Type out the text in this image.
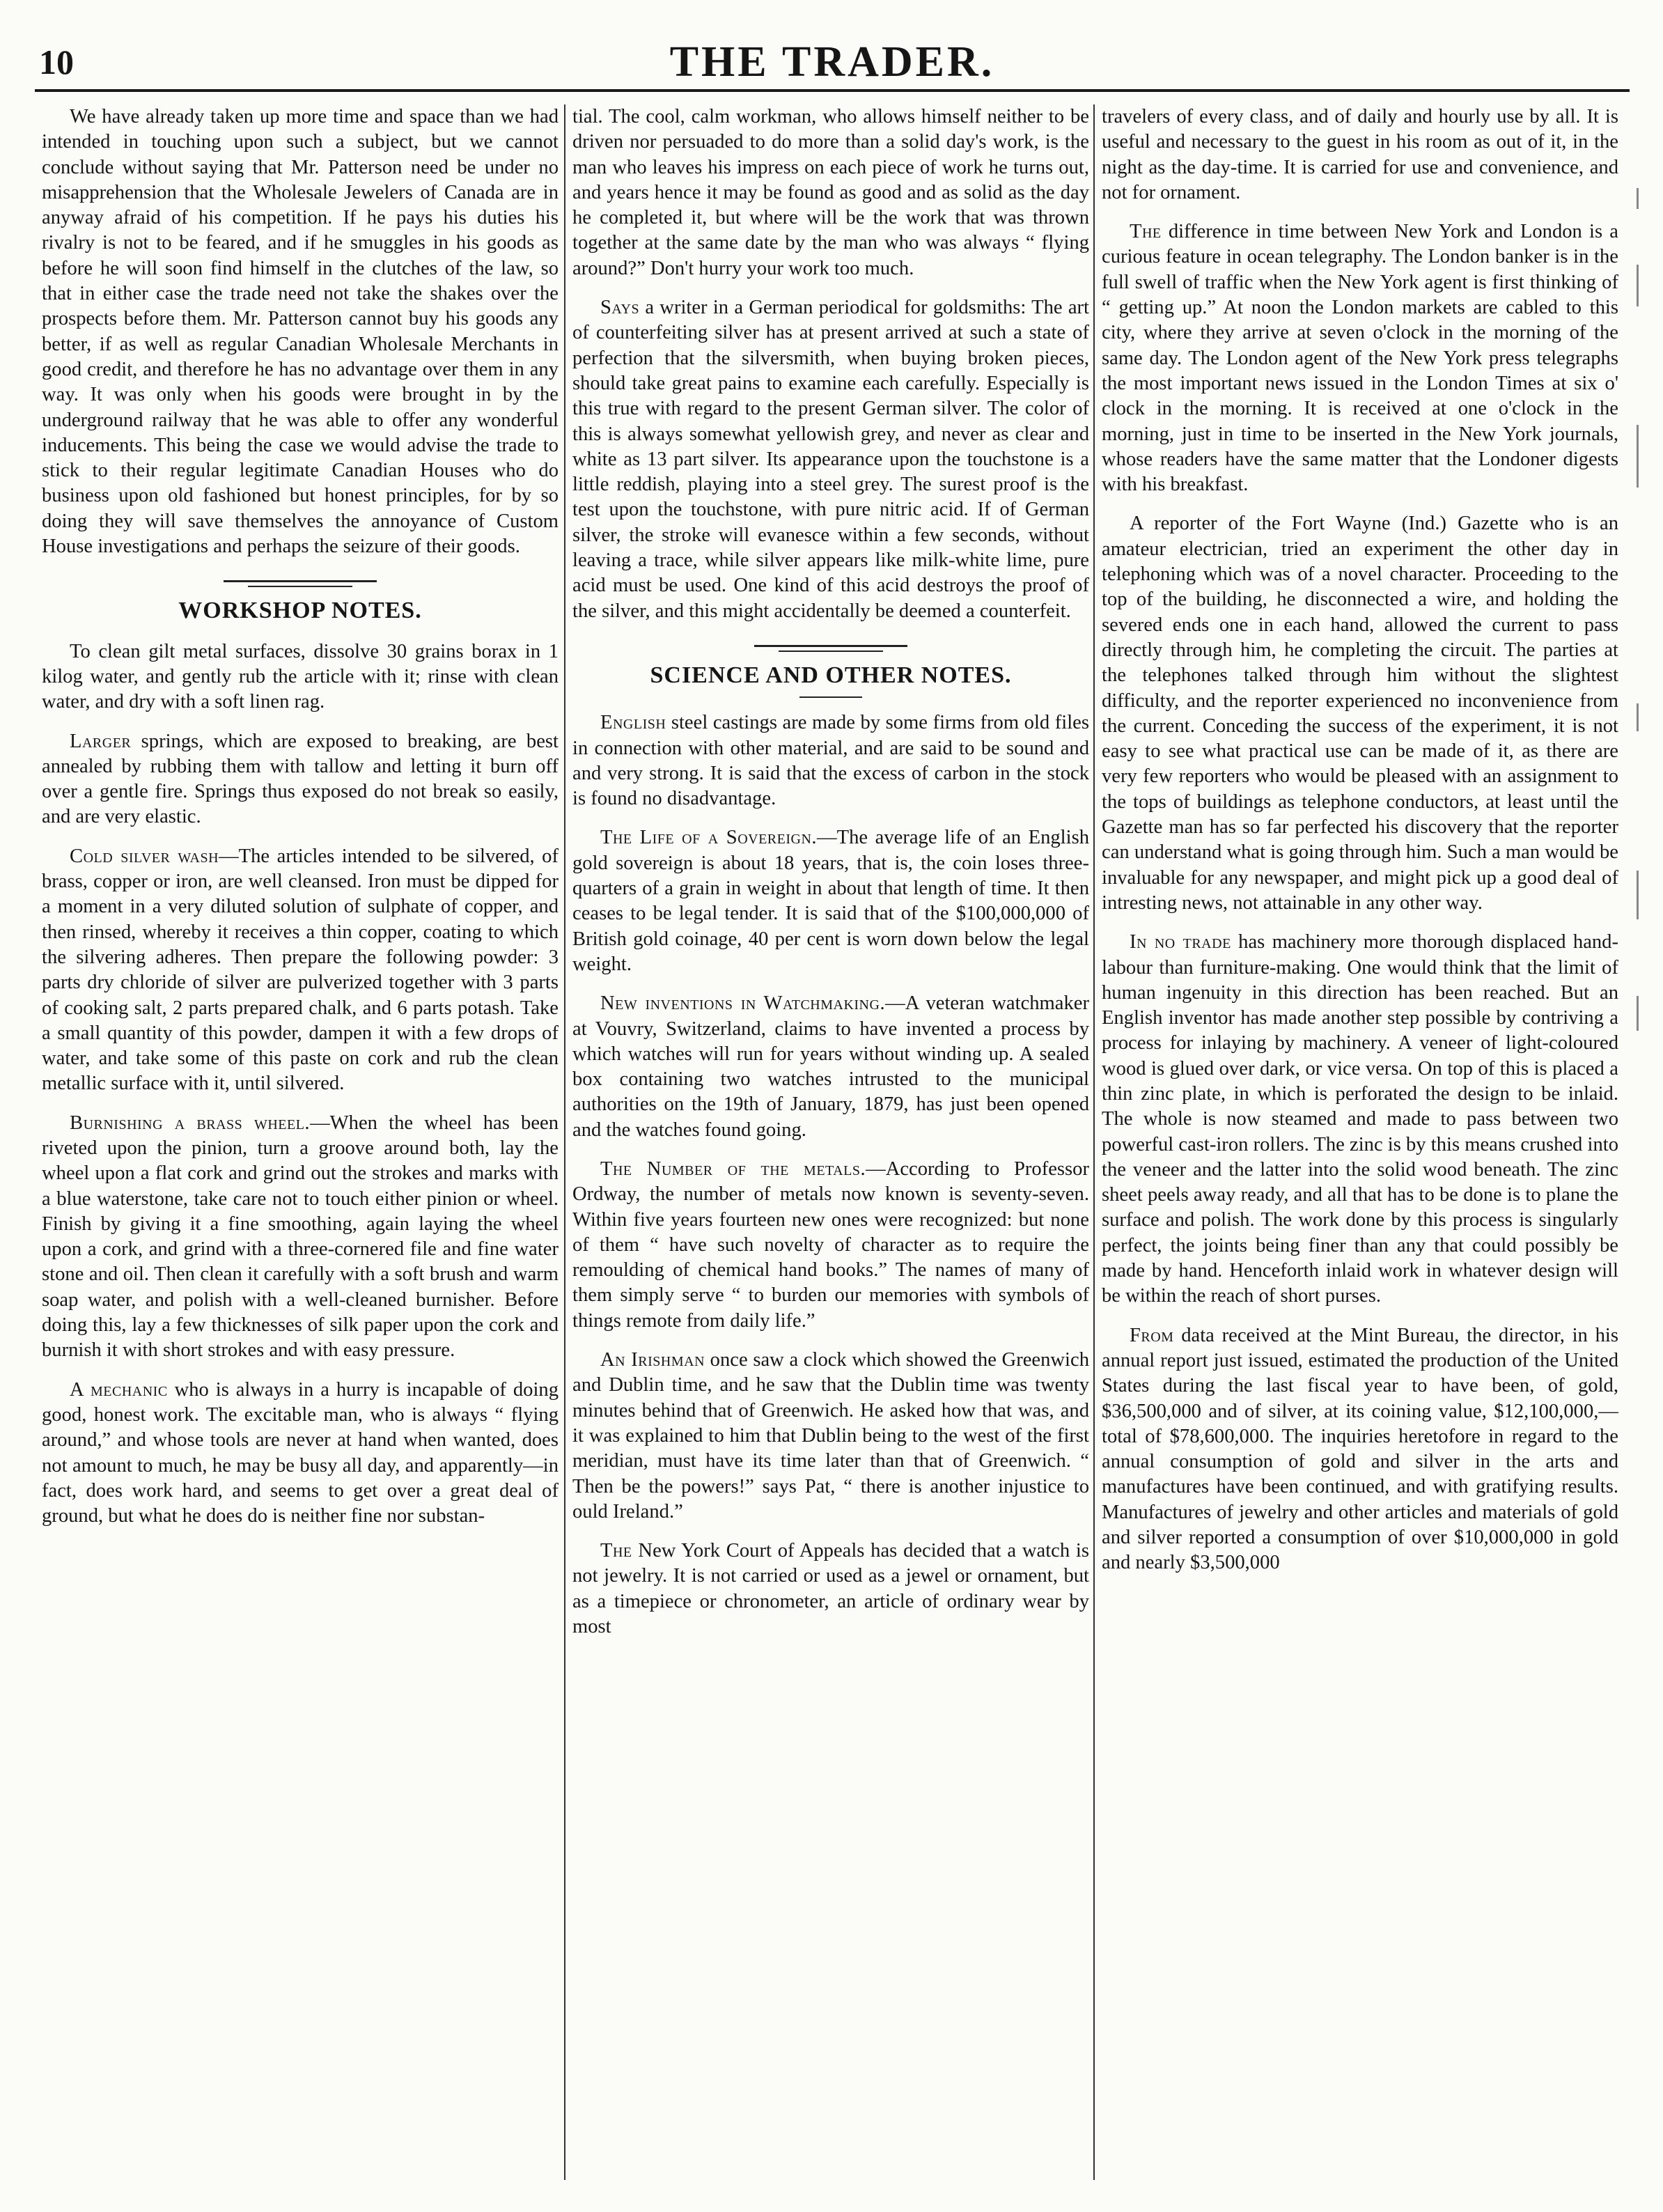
10	THE TRADER.

We have already taken up more time and space than we had intended in touching upon such a subject, but we cannot conclude without saying that Mr. Patterson need be under no misapprehension that the Wholesale Jewelers of Canada are in anyway afraid of his competition. If he pays his duties his rivalry is not to be feared, and if he smuggles in his goods as before he will soon find himself in the clutches of the law, so that in either case the trade need not take the shakes over the prospects before them. Mr. Patterson cannot buy his goods any better, if as well as regular Canadian Wholesale Merchants in good credit, and therefore he has no advantage over them in any way. It was only when his goods were brought in by the underground railway that he was able to offer any wonderful inducements. This being the case we would advise the trade to stick to their regular legitimate Canadian Houses who do business upon old fashioned but honest principles, for by so doing they will save themselves the annoyance of Custom House investigations and perhaps the seizure of their goods.

WORKSHOP NOTES.

To clean gilt metal surfaces, dissolve 30 grains borax in 1 kilog water, and gently rub the article with it; rinse with clean water, and dry with a soft linen rag.

Larger springs, which are exposed to breaking, are best annealed by rubbing them with tallow and letting it burn off over a gentle fire. Springs thus exposed do not break so easily, and are very elastic.

Cold silver wash—The articles intended to be silvered, of brass, copper or iron, are well cleansed. Iron must be dipped for a moment in a very diluted solution of sulphate of copper, and then rinsed, whereby it receives a thin copper, coating to which the silvering adheres. Then prepare the following powder: 3 parts dry chloride of silver are pulverized together with 3 parts of cooking salt, 2 parts prepared chalk, and 6 parts potash. Take a small quantity of this powder, dampen it with a few drops of water, and take some of this paste on cork and rub the clean metallic surface with it, until silvered.

Burnishing a brass wheel.—When the wheel has been riveted upon the pinion, turn a groove around both, lay the wheel upon a flat cork and grind out the strokes and marks with a blue waterstone, take care not to touch either pinion or wheel. Finish by giving it a fine smoothing, again laying the wheel upon a cork, and grind with a three-cornered file and fine water stone and oil. Then clean it carefully with a soft brush and warm soap water, and polish with a well-cleaned burnisher. Before doing this, lay a few thicknesses of silk paper upon the cork and burnish it with short strokes and with easy pressure.

A mechanic who is always in a hurry is incapable of doing good, honest work. The excitable man, who is always “ flying around,” and whose tools are never at hand when wanted, does not amount to much, he may be busy all day, and apparently—in fact, does work hard, and seems to get over a great deal of ground, but what he does do is neither fine nor substan-

tial. The cool, calm workman, who allows himself neither to be driven nor persuaded to do more than a solid day's work, is the man who leaves his impress on each piece of work he turns out, and years hence it may be found as good and as solid as the day he completed it, but where will be the work that was thrown together at the same date by the man who was always “ flying around?” Don't hurry your work too much.

Says a writer in a German periodical for goldsmiths: The art of counterfeiting silver has at present arrived at such a state of perfection that the silversmith, when buying broken pieces, should take great pains to examine each carefully. Especially is this true with regard to the present German silver. The color of this is always somewhat yellowish grey, and never as clear and white as 13 part silver. Its appearance upon the touchstone is a little reddish, playing into a steel grey. The surest proof is the test upon the touchstone, with pure nitric acid. If of German silver, the stroke will evanesce within a few seconds, without leaving a trace, while silver appears like milk-white lime, pure acid must be used. One kind of this acid destroys the proof of the silver, and this might accidentally be deemed a counterfeit.

SCIENCE AND OTHER NOTES.

English steel castings are made by some firms from old files in connection with other material, and are said to be sound and and very strong. It is said that the excess of carbon in the stock is found no disadvantage.

The Life of a Sovereign.—The average life of an English gold sovereign is about 18 years, that is, the coin loses three-quarters of a grain in weight in about that length of time. It then ceases to be legal tender. It is said that of the $100,000,000 of British gold coinage, 40 per cent is worn down below the legal weight.

New inventions in Watchmaking.—A veteran watchmaker at Vouvry, Switzerland, claims to have invented a process by which watches will run for years without winding up. A sealed box containing two watches intrusted to the municipal authorities on the 19th of January, 1879, has just been opened and the watches found going.

The Number of the metals.—According to Professor Ordway, the number of metals now known is seventy-seven. Within five years fourteen new ones were recognized: but none of them “ have such novelty of character as to require the remoulding of chemical hand books.” The names of many of them simply serve “ to burden our memories with symbols of things remote from daily life.”

An Irishman once saw a clock which showed the Greenwich and Dublin time, and he saw that the Dublin time was twenty minutes behind that of Greenwich. He asked how that was, and it was explained to him that Dublin being to the west of the first meridian, must have its time later than that of Greenwich. “ Then be the powers!” says Pat, “ there is another injustice to ould Ireland.”

The New York Court of Appeals has decided that a watch is not jewelry. It is not carried or used as a jewel or ornament, but as a timepiece or chronometer, an article of ordinary wear by most

travelers of every class, and of daily and hourly use by all. It is useful and necessary to the guest in his room as out of it, in the night as the day-time. It is carried for use and convenience, and not for ornament.

The difference in time between New York and London is a curious feature in ocean telegraphy. The London banker is in the full swell of traffic when the New York agent is first thinking of “ getting up.” At noon the London markets are cabled to this city, where they arrive at seven o'clock in the morning of the same day. The London agent of the New York press telegraphs the most important news issued in the London Times at six o' clock in the morning. It is received at one o'clock in the morning, just in time to be inserted in the New York journals, whose readers have the same matter that the Londoner digests with his breakfast.

A reporter of the Fort Wayne (Ind.) Gazette who is an amateur electrician, tried an experiment the other day in telephoning which was of a novel character. Proceeding to the top of the building, he disconnected a wire, and holding the severed ends one in each hand, allowed the current to pass directly through him, he completing the circuit. The parties at the telephones talked through him without the slightest difficulty, and the reporter experienced no inconvenience from the current. Conceding the success of the experiment, it is not easy to see what practical use can be made of it, as there are very few reporters who would be pleased with an assignment to the tops of buildings as telephone conductors, at least until the Gazette man has so far perfected his discovery that the reporter can understand what is going through him. Such a man would be invaluable for any newspaper, and might pick up a good deal of intresting news, not attainable in any other way.

In no trade has machinery more thorough displaced hand-labour than furniture-making. One would think that the limit of human ingenuity in this direction has been reached. But an English inventor has made another step possible by contriving a process for inlaying by machinery. A veneer of light-coloured wood is glued over dark, or vice versa. On top of this is placed a thin zinc plate, in which is perforated the design to be inlaid. The whole is now steamed and made to pass between two powerful cast-iron rollers. The zinc is by this means crushed into the veneer and the latter into the solid wood beneath. The zinc sheet peels away ready, and all that has to be done is to plane the surface and polish. The work done by this process is singularly perfect, the joints being finer than any that could possibly be made by hand. Henceforth inlaid work in whatever design will be within the reach of short purses.

From data received at the Mint Bureau, the director, in his annual report just issued, estimated the production of the United States during the last fiscal year to have been, of gold, $36,500,000 and of silver, at its coining value, $12,100,000,— total of $78,600,000. The inquiries heretofore in regard to the annual consumption of gold and silver in the arts and manufactures have been continued, and with gratifying results. Manufactures of jewelry and other articles and materials of gold and silver reported a consumption of over $10,000,000 in gold and nearly $3,500,000
